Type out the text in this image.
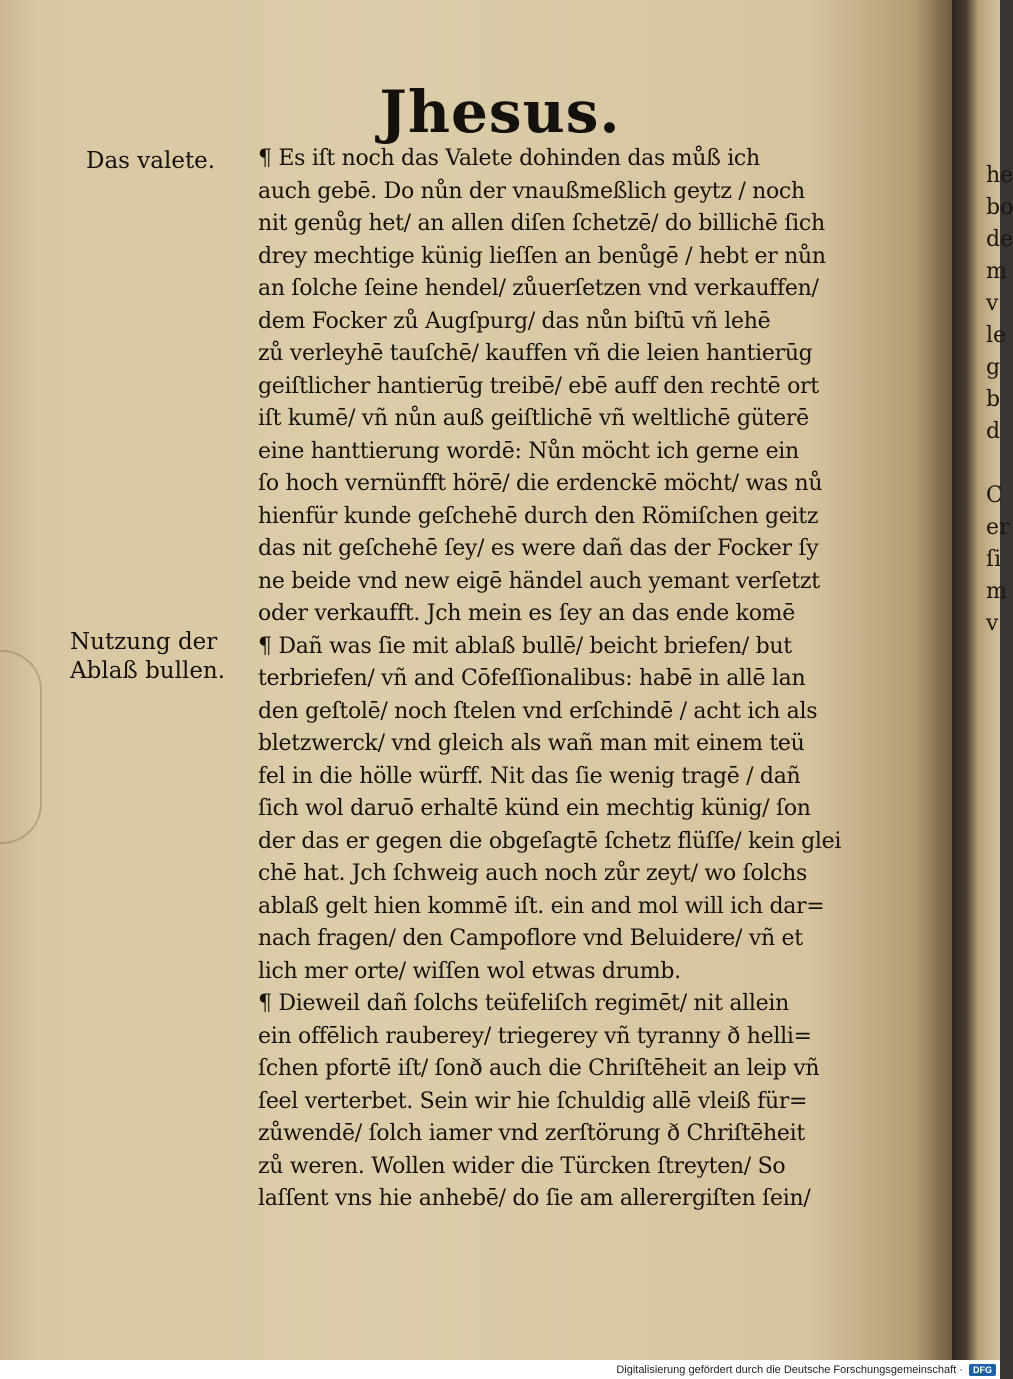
Jhesus.
Das valete.
Nutzung der
Ablaß bullen.
¶ Es iſt noch das Valete dohinden das můß ich
auch gebē. Do nůn der vnaußmeßlich geytz / noch
nit genůg het/ an allen diſen ſchetzē/ do billichē ſich
drey mechtige künig lieſſen an benůgē / hebt er nůn
an ſolche ſeine hendel/ zůuerſetzen vnd verkauffen/
dem Focker zů Augſpurg/ das nůn biſtū vñ lehē
zů verleyhē tauſchē/ kauffen vñ die leien hantierūg
geiſtlicher hantierūg treibē/ ebē auff den rechtē ort
iſt kumē/ vñ nůn auß geiſtlichē vñ weltlichē güterē
eine hanttierung wordē: Nůn möcht ich gerne ein
ſo hoch vernünfft hörē/ die erdenckē möcht/ was nů
hienfür kunde geſchehē durch den Römiſchen geitz
das nit geſchehē ſey/ es were dañ das der Focker ſy
ne beide vnd new eigē händel auch yemant verſetzt
oder verkaufft. Jch mein es ſey an das ende komē
¶ Dañ was ſie mit ablaß bullē/ beicht briefen/ but
terbriefen/ vñ and Cōfeſſionalibus: habē in allē lan
den geſtolē/ noch ſtelen vnd erſchindē / acht ich als
bletzwerck/ vnd gleich als wañ man mit einem teü
fel in die hölle würff. Nit das ſie wenig tragē / dañ
ſich wol daruō erhaltē künd ein mechtig künig/ ſon
der das er gegen die obgeſagtē ſchetz flüſſe/ kein glei
chē hat. Jch ſchweig auch noch zůr zeyt/ wo ſolchs
ablaß gelt hien kommē iſt. ein and mol will ich dar=
nach fragen/ den Campoflore vnd Beluidere/ vñ et
lich mer orte/ wiſſen wol etwas drumb.
¶ Dieweil dañ ſolchs teüfeliſch regimēt/ nit allein
ein offēlich rauberey/ triegerey vñ tyranny ð helli=
ſchen pfortē iſt/ ſonð auch die Chriſtēheit an leip vñ
ſeel verterbet. Sein wir hie ſchuldig allē vleiß für=
zůwendē/ ſolch iamer vnd zerſtörung ð Chriſtēheit
zů weren. Wollen wider die Türcken ſtreyten/ So
laſſent vns hie anhebē/ do ſie am allerergiſten ſein/
he
bo
de
m
v
le
g
b
d

C
er
ſi
m
v
Digitalisierung gefördert durch die Deutsche Forschungsgemeinschaft ·	DFG
